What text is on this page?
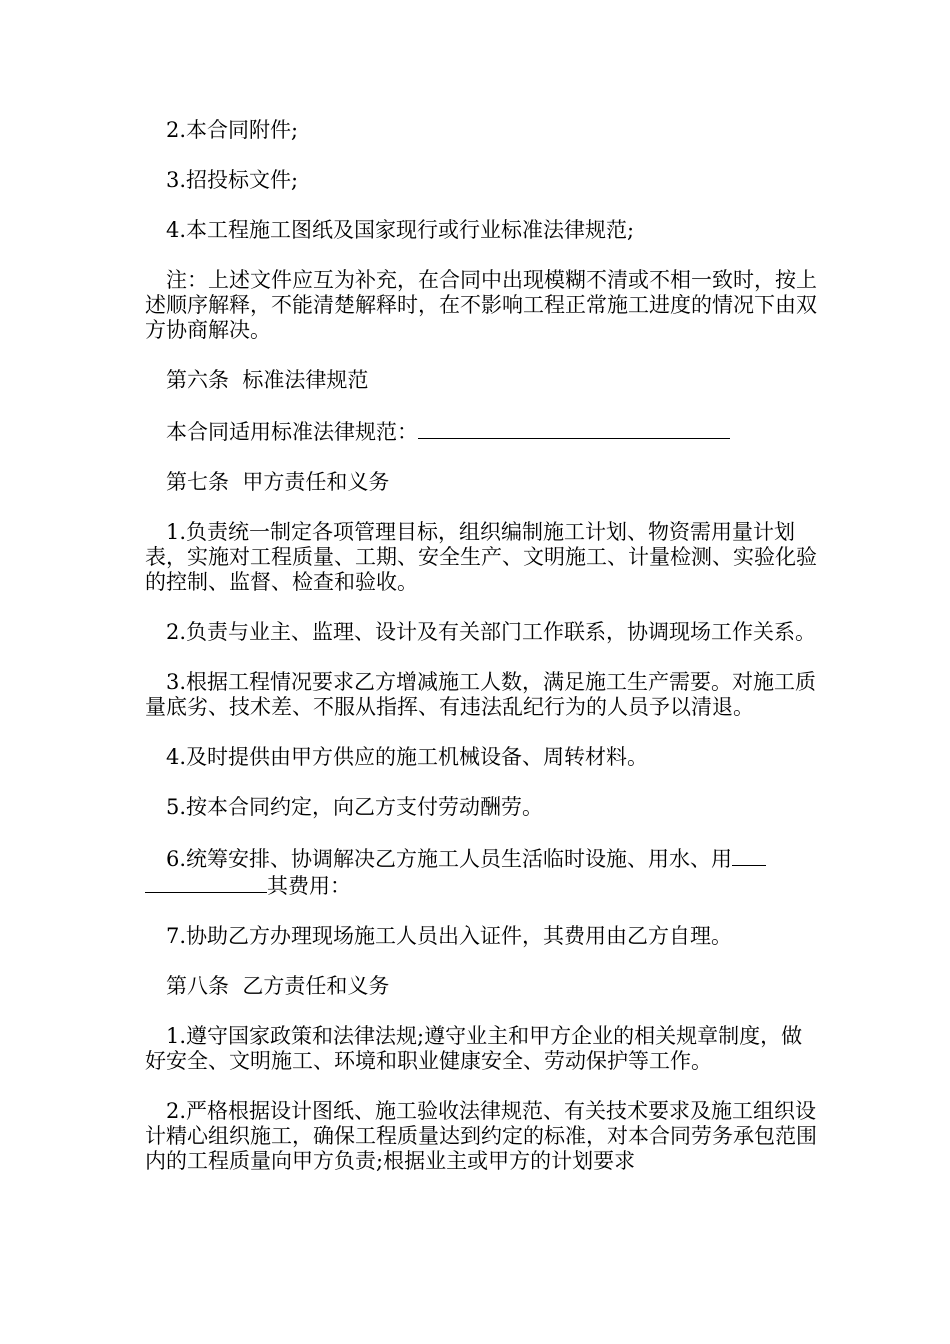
2.本合同附件;

3.招投标文件;

4.本工程施工图纸及国家现行或行业标准法律规范;

注：上述文件应互为补充，在合同中出现模糊不清或不相一致时，按上述顺序解释，不能清楚解释时，在不影响工程正常施工进度的情况下由双方协商解决。

第六条  标准法律规范

本合同适用标准法律规范：

第七条  甲方责任和义务

1.负责统一制定各项管理目标，组织编制施工计划、物资需用量计划表，实施对工程质量、工期、安全生产、文明施工、计量检测、实验化验的控制、监督、检查和验收。

2.负责与业主、监理、设计及有关部门工作联系，协调现场工作关系。

3.根据工程情况要求乙方增减施工人数，满足施工生产需要。对施工质量底劣、技术差、不服从指挥、有违法乱纪行为的人员予以清退。

4.及时提供由甲方供应的施工机械设备、周转材料。

5.按本合同约定，向乙方支付劳动酬劳。

6.统筹安排、协调解决乙方施工人员生活临时设施、用水、用其费用：

7.协助乙方办理现场施工人员出入证件，其费用由乙方自理。

第八条  乙方责任和义务

1.遵守国家政策和法律法规;遵守业主和甲方企业的相关规章制度，做好安全、文明施工、环境和职业健康安全、劳动保护等工作。

2.严格根据设计图纸、施工验收法律规范、有关技术要求及施工组织设计精心组织施工，确保工程质量达到约定的标准，对本合同劳务承包范围内的工程质量向甲方负责;根据业主或甲方的计划要求
